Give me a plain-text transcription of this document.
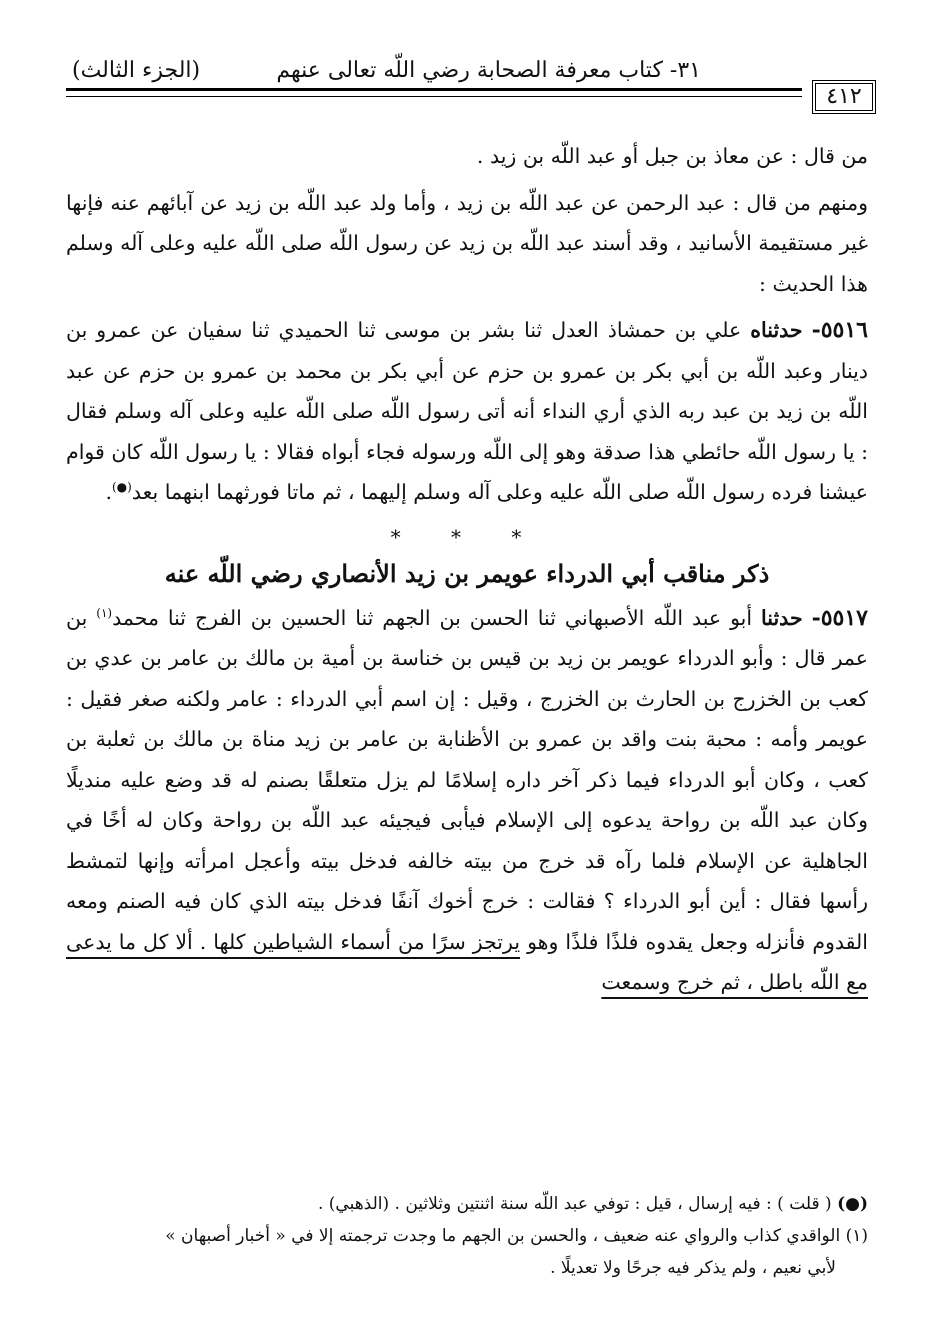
٣١- كتاب معرفة الصحابة رضي اللّه تعالى عنهم
(الجزء الثالث)
٤١٢

من قال : عن معاذ بن جبل أو عبد اللّه بن زيد .

ومنهم من قال : عبد الرحمن عن عبد اللّه بن زيد ، وأما ولد عبد اللّه بن زيد عن آبائهم عنه فإنها غير مستقيمة الأسانيد ، وقد أسند عبد اللّه بن زيد عن رسول اللّه صلى اللّه عليه وعلى آله وسلم هذا الحديث :

٥٥١٦- حدثناه علي بن حمشاذ العدل ثنا بشر بن موسى ثنا الحميدي ثنا سفيان عن عمرو بن دينار وعبد اللّه بن أبي بكر بن عمرو بن حزم عن أبي بكر بن محمد بن عمرو بن حزم عن عبد اللّه بن زيد بن عبد ربه الذي أري النداء أنه أتى رسول اللّه صلى اللّه عليه وعلى آله وسلم فقال : يا رسول اللّه حائطي هذا صدقة وهو إلى اللّه ورسوله فجاء أبواه فقالا : يا رسول اللّه كان قوام عيشنا فرده رسول اللّه صلى اللّه عليه وعلى آله وسلم إليهما ، ثم ماتا فورثهما ابنهما بعد(●).

* * *
ذكر مناقب أبي الدرداء عويمر بن زيد الأنصاري رضي اللّه عنه

٥٥١٧- حدثنا أبو عبد اللّه الأصبهاني ثنا الحسن بن الجهم ثنا الحسين بن الفرج ثنا محمد$^{(١)}$ بن عمر قال : وأبو الدرداء عويمر بن زيد بن قيس بن خناسة بن أمية بن مالك بن عامر بن عدي بن كعب بن الخزرج بن الحارث بن الخزرج ، وقيل : إن اسم أبي الدرداء : عامر ولكنه صغر فقيل : عويمر وأمه : محبة بنت واقد بن عمرو بن الأظنابة بن عامر بن زيد مناة بن مالك بن ثعلبة بن كعب ، وكان أبو الدرداء فيما ذكر آخر داره إسلامًا لم يزل متعلقًا بصنم له قد وضع عليه منديلًا وكان عبد اللّه بن رواحة يدعوه إلى الإسلام فيأبى فيجيئه عبد اللّه بن رواحة وكان له أخًا في الجاهلية عن الإسلام فلما رآه قد خرج من بيته خالفه فدخل بيته وأعجل امرأته وإنها لتمشط رأسها فقال : أين أبو الدرداء ؟ فقالت : خرج أخوك آنفًا فدخل بيته الذي كان فيه الصنم ومعه القدوم فأنزله وجعل يقدوه فلذًا فلذًا وهو يرتجز سرًا من أسماء الشياطين كلها . ألا كل ما يدعى مع اللّه باطل ، ثم خرج وسمعت

(●) ( قلت ) : فيه إرسال ، قيل : توفي عبد اللّه سنة اثنتين وثلاثين . (الذهبي) .

(١) الواقدي كذاب والرواي عنه ضعيف ، والحسن بن الجهم ما وجدت ترجمته إلا في « أخبار أصبهان »

لأبي نعيم ، ولم يذكر فيه جرحًا ولا تعديلًا .
